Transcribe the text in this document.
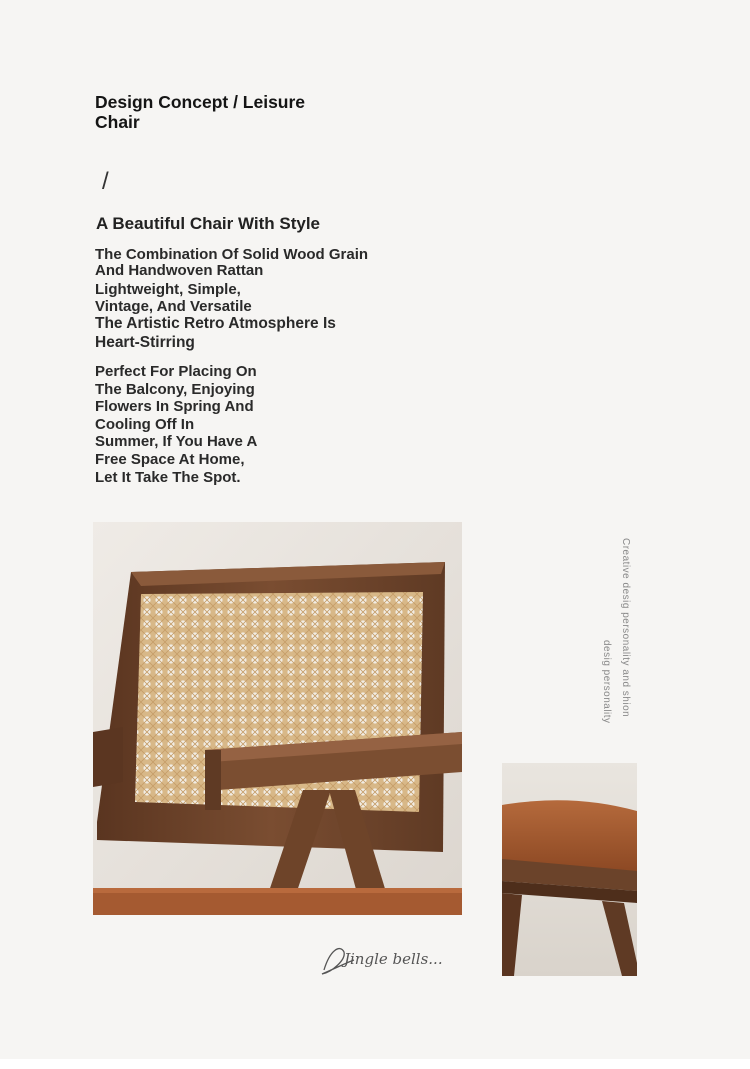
Design Concept / Leisure
Chair
/
A Beautiful Chair With Style
The Combination Of Solid Wood Grain
And Handwoven Rattan
Lightweight, Simple,
Vintage, And Versatile
The Artistic Retro Atmosphere Is
Heart-Stirring
Perfect For Placing On
The Balcony, Enjoying
Flowers In Spring And
Cooling Off In
Summer, If You Have A
Free Space At Home,
Let It Take The Spot.
Creative desig personality and shion
desig personality
Jingle bells...
